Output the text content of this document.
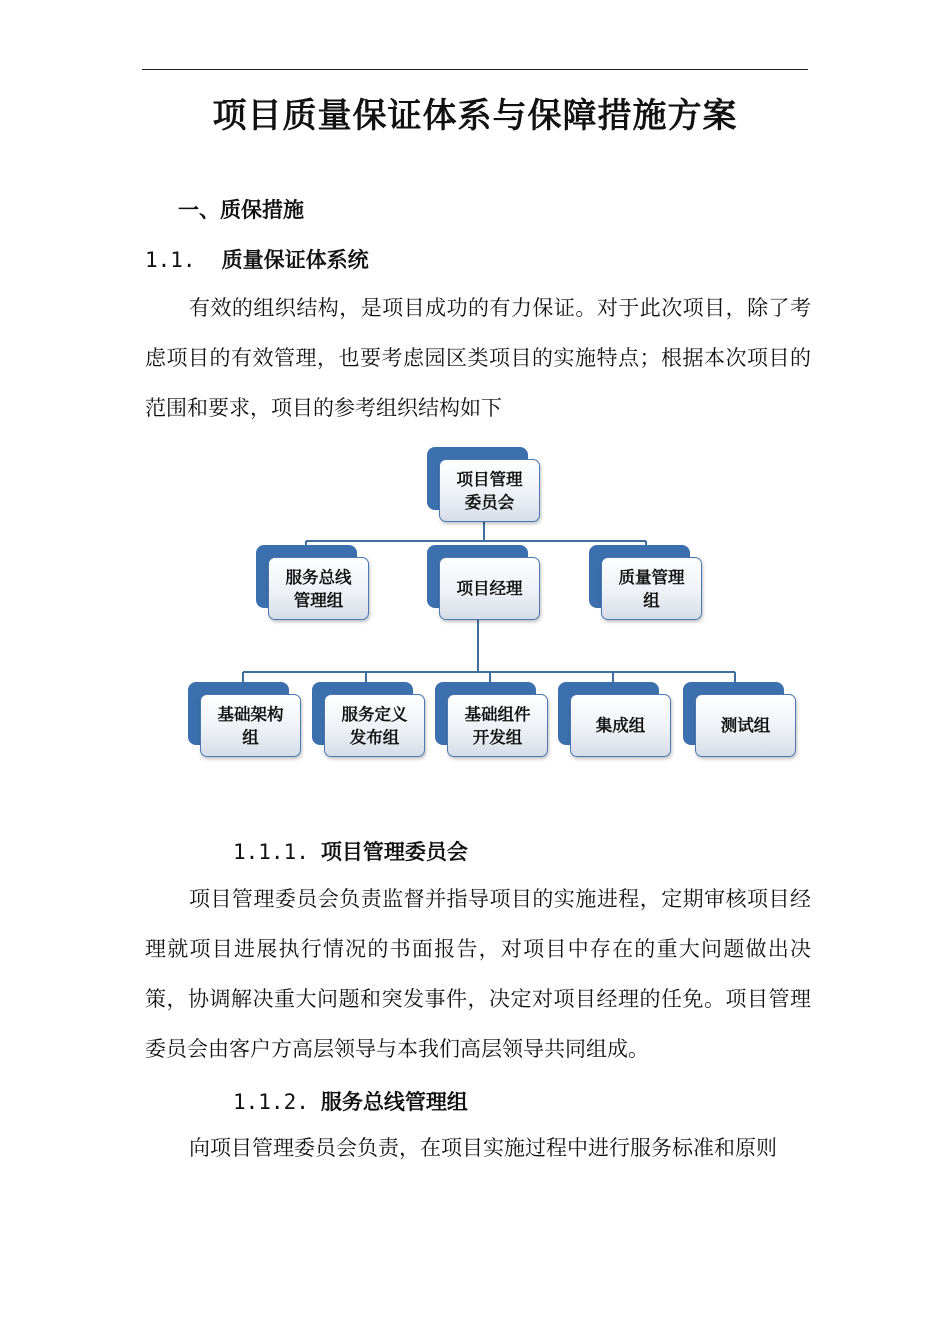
项目质量保证体系与保障措施方案
一、质保措施
1.1. 质量保证体系统
有效的组织结构，是项目成功的有力保证。对于此次项目，除了考虑项目的有效管理，也要考虑园区类项目的实施特点；根据本次项目的范围和要求，项目的参考组织结构如下
项目管理
委员会
服务总线
管理组
项目经理
质量管理
组
基础架构
组
服务定义
发布组
基础组件
开发组
集成组	测试组
1.1.1. 项目管理委员会
项目管理委员会负责监督并指导项目的实施进程，定期审核项目经理就项目进展执行情况的书面报告，对项目中存在的重大问题做出决策，协调解决重大问题和突发事件，决定对项目经理的任免。项目管理委员会由客户方高层领导与本我们高层领导共同组成。
1.1.2. 服务总线管理组
向项目管理委员会负责，在项目实施过程中进行服务标准和原则
